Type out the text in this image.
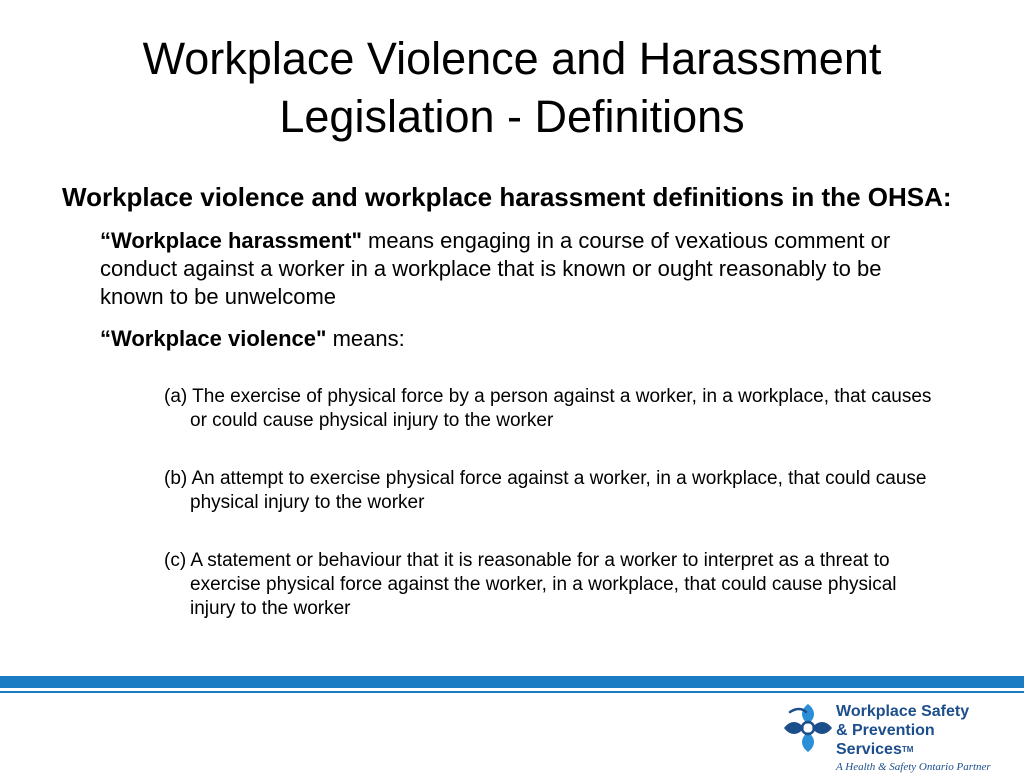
Workplace Violence and Harassment
Legislation - Definitions

Workplace violence and workplace harassment definitions in the OHSA:

“Workplace harassment" means engaging in a course of vexatious comment or conduct against a worker in a workplace that is known or ought reasonably to be known to be unwelcome

“Workplace violence" means:

(a) The exercise of physical force by a person against a worker, in a workplace, that causes or could cause physical injury to the worker
(b) An attempt to exercise physical force against a worker, in a workplace, that could cause physical injury to the worker
(c) A statement or behaviour that it is reasonable for a worker to interpret as a threat to exercise physical force against the worker, in a workplace, that could cause physical injury to the worker
Workplace Safety
& Prevention Services™
A Health & Safety Ontario Partner
